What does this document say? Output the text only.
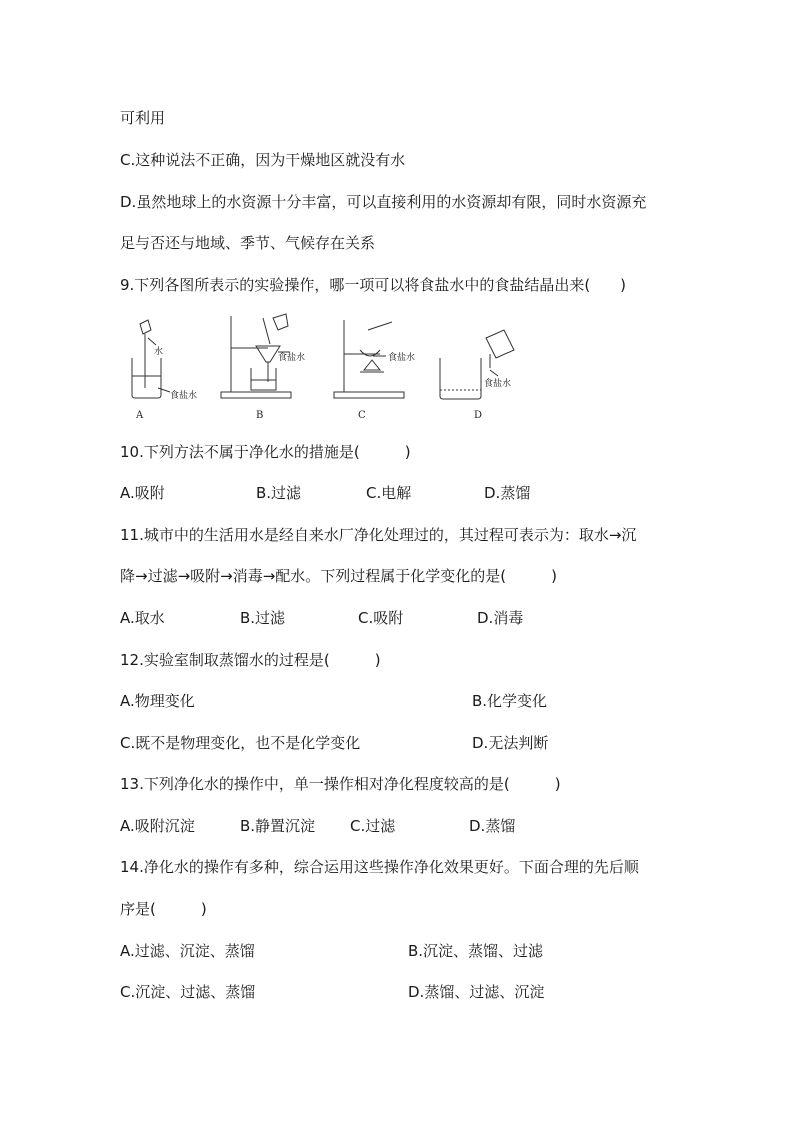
可利用
C.这种说法不正确，因为干燥地区就没有水
D.虽然地球上的水资源十分丰富，可以直接利用的水资源却有限，同时水资源充
足与否还与地域、季节、气候存在关系
9.下列各图所表示的实验操作，哪一项可以将食盐水中的食盐结晶出来(　　)
水
食盐水
食盐水	食盐水
食盐水
A	B	C	D
10.下列方法不属于净化水的措施是(　　　)
A.吸附	B.过滤	C.电解	D.蒸馏
11.城市中的生活用水是经自来水厂净化处理过的，其过程可表示为：取水→沉
降→过滤→吸附→消毒→配水。下列过程属于化学变化的是(　　　)
A.取水	B.过滤	C.吸附	D.消毒
12.实验室制取蒸馏水的过程是(　　　)
A.物理变化	B.化学变化
C.既不是物理变化，也不是化学变化	D.无法判断
13.下列净化水的操作中，单一操作相对净化程度较高的是(　　　)
A.吸附沉淀	B.静置沉淀 C.过滤	D.蒸馏
14.净化水的操作有多种，综合运用这些操作净化效果更好。下面合理的先后顺
序是(　　　)
A.过滤、沉淀、蒸馏	B.沉淀、蒸馏、过滤
C.沉淀、过滤、蒸馏	D.蒸馏、过滤、沉淀
